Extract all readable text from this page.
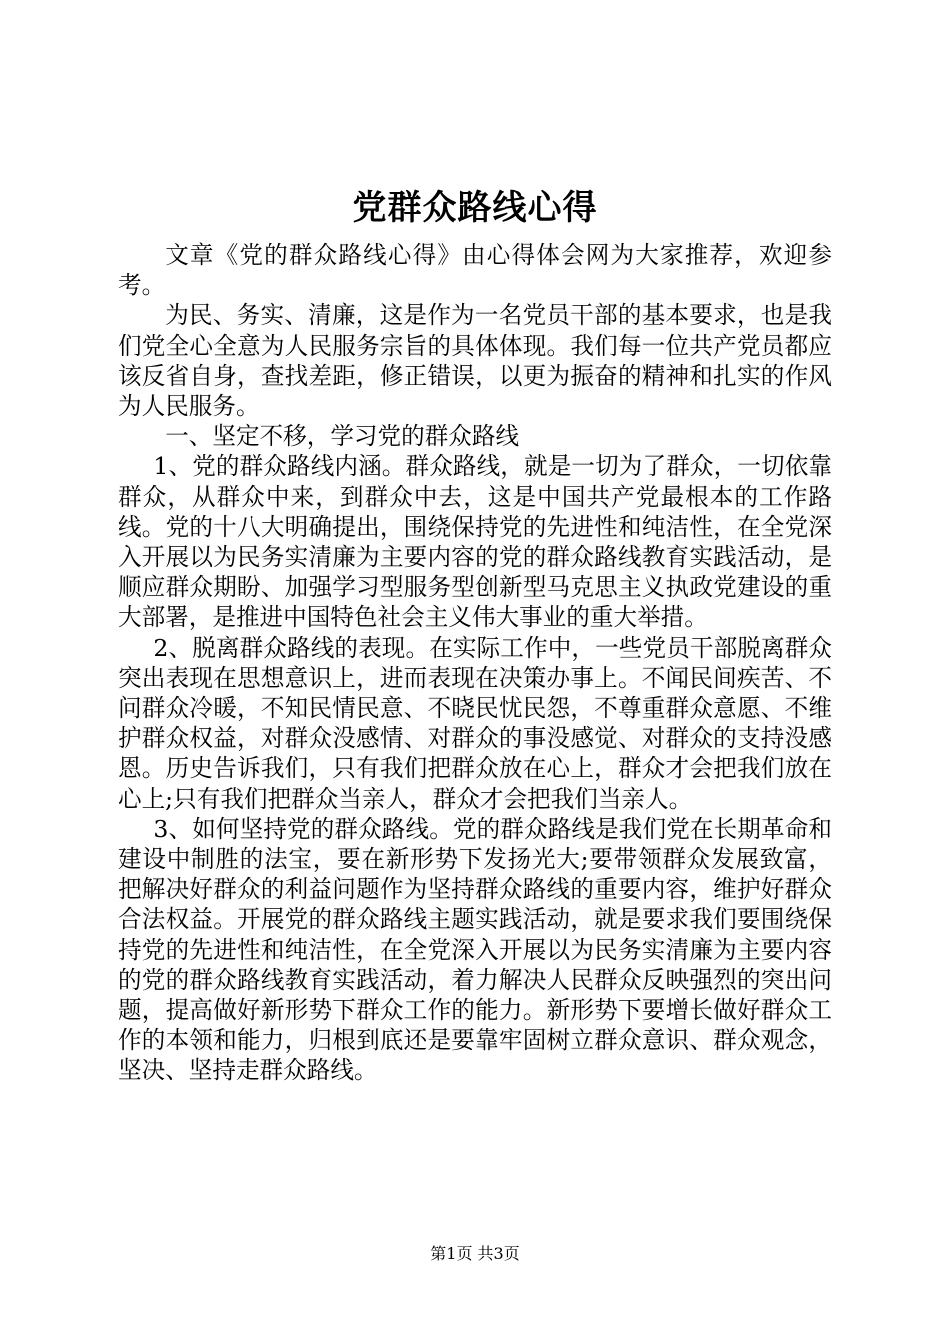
党群众路线心得

文章《党的群众路线心得》由心得体会网为大家推荐，欢迎参考。

为民、务实、清廉，这是作为一名党员干部的基本要求，也是我们党全心全意为人民服务宗旨的具体体现。我们每一位共产党员都应该反省自身，查找差距，修正错误，以更为振奋的精神和扎实的作风为人民服务。

一、坚定不移，学习党的群众路线

1、党的群众路线内涵。群众路线，就是一切为了群众，一切依靠群众，从群众中来，到群众中去，这是中国共产党最根本的工作路线。党的十八大明确提出，围绕保持党的先进性和纯洁性，在全党深入开展以为民务实清廉为主要内容的党的群众路线教育实践活动，是顺应群众期盼、加强学习型服务型创新型马克思主义执政党建设的重大部署，是推进中国特色社会主义伟大事业的重大举措。

2、脱离群众路线的表现。在实际工作中，一些党员干部脱离群众突出表现在思想意识上，进而表现在决策办事上。不闻民间疾苦、不问群众冷暖，不知民情民意、不晓民忧民怨，不尊重群众意愿、不维护群众权益，对群众没感情、对群众的事没感觉、对群众的支持没感恩。历史告诉我们，只有我们把群众放在心上，群众才会把我们放在心上;只有我们把群众当亲人，群众才会把我们当亲人。

3、如何坚持党的群众路线。党的群众路线是我们党在长期革命和建设中制胜的法宝，要在新形势下发扬光大;要带领群众发展致富，把解决好群众的利益问题作为坚持群众路线的重要内容，维护好群众合法权益。开展党的群众路线主题实践活动，就是要求我们要围绕保持党的先进性和纯洁性，在全党深入开展以为民务实清廉为主要内容的党的群众路线教育实践活动，着力解决人民群众反映强烈的突出问题，提高做好新形势下群众工作的能力。新形势下要增长做好群众工作的本领和能力，归根到底还是要靠牢固树立群众意识、群众观念，坚决、坚持走群众路线。

第1页 共3页
